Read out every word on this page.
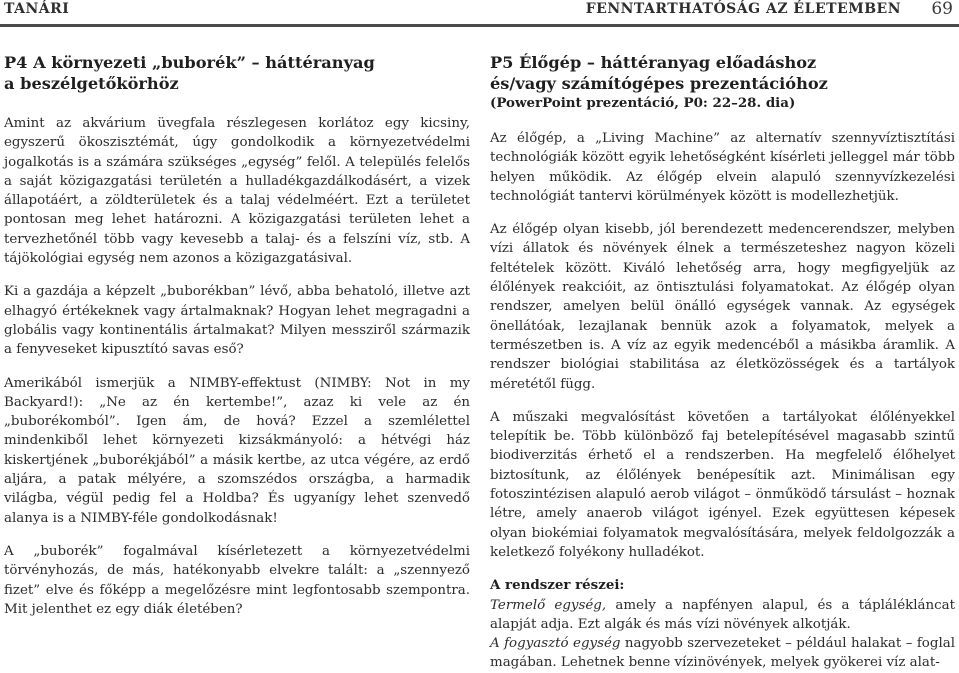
TANÁRI	FENNTARTHATÓSÁG AZ ÉLETEMBEN 69
P4 A környezeti „buborék” – háttéranyag
a beszélgetőkörhöz

Amint az akvárium üvegfala részlegesen korlátoz egy kicsiny, egyszerű ökoszisztémát, úgy gondolkodik a környezetvédelmi jogalkotás is a számára szükséges „egység” felől. A település felelős a saját közigazgatási területén a hulladékgazdálkodásért, a vizek állapotáért, a zöldterületek és a talaj védelméért. Ezt a területet pontosan meg lehet határozni. A közigazgatási területen lehet a tervezhetőnél több vagy kevesebb a talaj- és a felszíni víz, stb. A tájökológiai egység nem azonos a közigazgatásival.

Ki a gazdája a képzelt „buborékban” lévő, abba behatoló, illetve azt elhagyó értékeknek vagy ártalmaknak? Hogyan lehet megragadni a globális vagy kontinentális ártalmakat? Milyen messziről származik a fenyveseket kipusztító savas eső?

Amerikából ismerjük a NIMBY-effektust (NIMBY: Not in my Backyard!): „Ne az én kertembe!”, azaz ki vele az én „buborékomból”. Igen ám, de hová? Ezzel a szemlélettel mindenkiből lehet környezeti kizsákmányoló: a hétvégi ház kiskertjének „buborékjából” a másik kertbe, az utca végére, az erdő aljára, a patak mélyére, a szomszédos országba, a harmadik világba, végül pedig fel a Holdba? És ugyanígy lehet szenvedő alanya is a NIMBY-féle gondolkodásnak!

A „buborék” fogalmával kísérletezett a környezetvédelmi törvényhozás, de más, hatékonyabb elvekre talált: a „szennyező fizet” elve és főképp a megelőzésre mint legfontosabb szempontra. Mit jelenthet ez egy diák életében?

P5 Élőgép – háttéranyag előadáshoz
és/vagy számítógépes prezentációhoz
(PowerPoint prezentáció, P0: 22–28. dia)

Az élőgép, a „Living Machine” az alternatív szennyvíztisztítási technológiák között egyik lehetőségként kísérleti jelleggel már több helyen működik. Az élőgép elvein alapuló szennyvízkezelési technológiát tantervi körülmények között is modellezhetjük.

Az élőgép olyan kisebb, jól berendezett medencerendszer, melyben vízi állatok és növények élnek a természeteshez nagyon közeli feltételek között. Kiváló lehetőség arra, hogy megfigyeljük az élőlények reakcióit, az öntisztulási folyamatokat. Az élőgép olyan rendszer, amelyen belül önálló egységek vannak. Az egységek önellátóak, lezajlanak bennük azok a folyamatok, melyek a természetben is. A víz az egyik medencéből a másikba áramlik. A rendszer biológiai stabilitása az életközösségek és a tartályok méretétől függ.

A műszaki megvalósítást követően a tartályokat élőlényekkel telepítik be. Több különböző faj betelepítésével magasabb szintű biodiverzitás érhető el a rendszerben. Ha megfelelő élőhelyet biztosítunk, az élőlények benépesítik azt. Minimálisan egy fotoszintézisen alapuló aerob világot – önműködő társulást – hoznak létre, amely anaerob világot igényel. Ezek együttesen képesek olyan biokémiai folyamatok megvalósítására, melyek feldolgozzák a keletkező folyékony hulladékot.

A rendszer részei:

Termelő egység, amely a napfényen alapul, és a táplálékláncat alapját adja. Ezt algák és más vízi növények alkotják.

A fogyasztó egység nagyobb szervezeteket – például halakat – foglal magában. Lehetnek benne vízinövények, melyek gyökerei víz alat-
